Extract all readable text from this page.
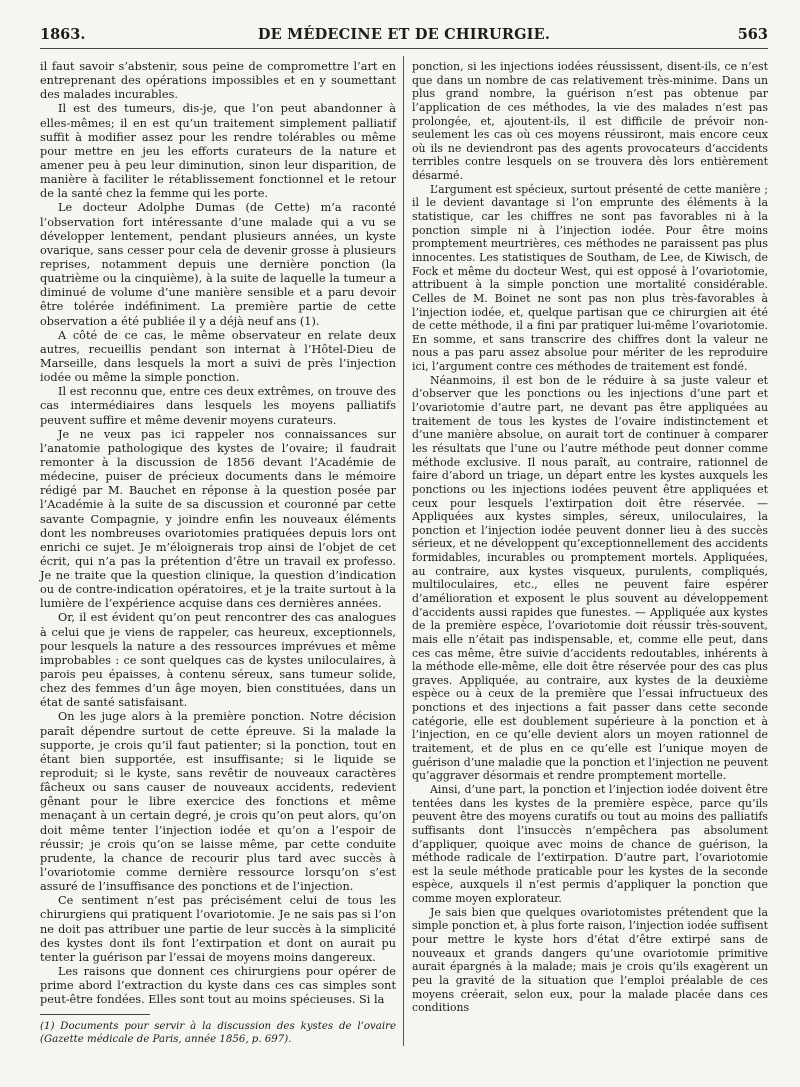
DE MÉDECINE ET DE CHIRURGIE.
1863.	563

il faut savoir s’abstenir, sous peine de compromettre l’art en entreprenant des opérations impossibles et en y soumettant des malades incurables.

Il est des tumeurs, dis-je, que l’on peut abandonner à elles-mêmes; il en est qu’un traitement simplement palliatif suffit à modifier assez pour les rendre tolérables ou même pour mettre en jeu les efforts curateurs de la nature et amener peu à peu leur diminution, sinon leur disparition, de manière à faciliter le rétablissement fonctionnel et le retour de la santé chez la femme qui les porte.

Le docteur Adolphe Dumas (de Cette) m’a raconté l’observation fort intéressante d’une malade qui a vu se développer lentement, pendant plusieurs années, un kyste ovarique, sans cesser pour cela de devenir grosse à plusieurs reprises, notamment depuis une dernière ponction (la quatrième ou la cinquième), à la suite de laquelle la tumeur a diminué de volume d’une manière sensible et a paru devoir être tolérée indéfiniment. La première partie de cette observation a été publiée il y a déjà neuf ans (1).

A côté de ce cas, le même observateur en relate deux autres, recueillis pendant son internat à l’Hôtel-Dieu de Marseille, dans lesquels la mort a suivi de près l’injection iodée ou même la simple ponction.

Il est reconnu que, entre ces deux extrêmes, on trouve des cas intermédiaires dans lesquels les moyens palliatifs peuvent suffire et même devenir moyens curateurs.

Je ne veux pas ici rappeler nos connaissances sur l’anatomie pathologique des kystes de l’ovaire; il faudrait remonter à la discussion de 1856 devant l’Académie de médecine, puiser de précieux documents dans le mémoire rédigé par M. Bauchet en réponse à la question posée par l’Académie à la suite de sa discussion et couronné par cette savante Compagnie, y joindre enfin les nouveaux éléments dont les nombreuses ovariotomies pratiquées depuis lors ont enrichi ce sujet. Je m’éloignerais trop ainsi de l’objet de cet écrit, qui n’a pas la prétention d’être un travail ex professo. Je ne traite que la question clinique, la question d’indication ou de contre-indication opératoires, et je la traite surtout à la lumière de l’expérience acquise dans ces dernières années.

Or, il est évident qu’on peut rencontrer des cas analogues à celui que je viens de rappeler, cas heureux, exceptionnels, pour lesquels la nature a des ressources imprévues et même improbables : ce sont quelques cas de kystes uniloculaires, à parois peu épaisses, à contenu séreux, sans tumeur solide, chez des femmes d’un âge moyen, bien constituées, dans un état de santé satisfaisant.

On les juge alors à la première ponction. Notre décision paraît dépendre surtout de cette épreuve. Si la malade la supporte, je crois qu’il faut patienter; si la ponction, tout en étant bien supportée, est insuffisante; si le liquide se reproduit; si le kyste, sans revêtir de nouveaux caractères fâcheux ou sans causer de nouveaux accidents, redevient gênant pour le libre exercice des fonctions et même menaçant à un certain degré, je crois qu’on peut alors, qu’on doit même tenter l’injection iodée et qu’on a l’espoir de réussir; je crois qu’on se laisse même, par cette conduite prudente, la chance de recourir plus tard avec succès à l’ovariotomie comme dernière ressource lorsqu’on s’est assuré de l’insuffisance des ponctions et de l’injection.

Ce sentiment n’est pas précisément celui de tous les chirurgiens qui pratiquent l’ovariotomie. Je ne sais pas si l’on ne doit pas attribuer une partie de leur succès à la simplicité des kystes dont ils font l’extirpation et dont on aurait pu tenter la guérison par l’essai de moyens moins dangereux.

Les raisons que donnent ces chirurgiens pour opérer de prime abord l’extraction du kyste dans ces cas simples sont peut-être fondées. Elles sont tout au moins spécieuses. Si la

(1) Documents pour servir à la discussion des kystes de l’ovaire (Gazette médicale de Paris, année 1856, p. 697).

ponction, si les injections iodées réussissent, disent-ils, ce n’est que dans un nombre de cas relativement très-minime. Dans un plus grand nombre, la guérison n’est pas obtenue par l’application de ces méthodes, la vie des malades n’est pas prolongée, et, ajoutent-ils, il est difficile de prévoir non-seulement les cas où ces moyens réussiront, mais encore ceux où ils ne deviendront pas des agents provocateurs d’accidents terribles contre lesquels on se trouvera dès lors entièrement désarmé.

L’argument est spécieux, surtout présenté de cette manière ; il le devient davantage si l’on emprunte des éléments à la statistique, car les chiffres ne sont pas favorables ni à la ponction simple ni à l’injection iodée. Pour être moins promptement meurtrières, ces méthodes ne paraissent pas plus innocentes. Les statistiques de Southam, de Lee, de Kiwisch, de Fock et même du docteur West, qui est opposé à l’ovariotomie, attribuent à la simple ponction une mortalité considérable. Celles de M. Boinet ne sont pas non plus très-favorables à l’injection iodée, et, quelque partisan que ce chirurgien ait été de cette méthode, il a fini par pratiquer lui-même l’ovariotomie. En somme, et sans transcrire des chiffres dont la valeur ne nous a pas paru assez absolue pour mériter de les reproduire ici, l’argument contre ces méthodes de traitement est fondé.

Néanmoins, il est bon de le réduire à sa juste valeur et d’observer que les ponctions ou les injections d’une part et l’ovariotomie d’autre part, ne devant pas être appliquées au traitement de tous les kystes de l’ovaire indistinctement et d’une manière absolue, on aurait tort de continuer à comparer les résultats que l’une ou l’autre méthode peut donner comme méthode exclusive. Il nous paraît, au contraire, rationnel de faire d’abord un triage, un départ entre les kystes auxquels les ponctions ou les injections iodées peuvent être appliquées et ceux pour lesquels l’extirpation doit être réservée. — Appliquées aux kystes simples, séreux, uniloculaires, la ponction et l’injection iodée peuvent donner lieu à des succès sérieux, et ne développent qu’exceptionnellement des accidents formidables, incurables ou promptement mortels. Appliquées, au contraire, aux kystes visqueux, purulents, compliqués, multiloculaires, etc., elles ne peuvent faire espérer d’amélioration et exposent le plus souvent au développement d’accidents aussi rapides que funestes. — Appliquée aux kystes de la première espèce, l’ovariotomie doit réussir très-souvent, mais elle n’était pas indispensable, et, comme elle peut, dans ces cas même, être suivie d’accidents redoutables, inhérents à la méthode elle-même, elle doit être réservée pour des cas plus graves. Appliquée, au contraire, aux kystes de la deuxième espèce ou à ceux de la première que l’essai infructueux des ponctions et des injections a fait passer dans cette seconde catégorie, elle est doublement supérieure à la ponction et à l’injection, en ce qu’elle devient alors un moyen rationnel de traitement, et de plus en ce qu’elle est l’unique moyen de guérison d’une maladie que la ponction et l’injection ne peuvent qu’aggraver désormais et rendre promptement mortelle.

Ainsi, d’une part, la ponction et l’injection iodée doivent être tentées dans les kystes de la première espèce, parce qu’ils peuvent être des moyens curatifs ou tout au moins des palliatifs suffisants dont l’insuccès n’empêchera pas absolument d’appliquer, quoique avec moins de chance de guérison, la méthode radicale de l’extirpation. D’autre part, l’ovariotomie est la seule méthode praticable pour les kystes de la seconde espèce, auxquels il n’est permis d’appliquer la ponction que comme moyen explorateur.

Je sais bien que quelques ovariotomistes prétendent que la simple ponction et, à plus forte raison, l’injection iodée suffisent pour mettre le kyste hors d’état d’être extirpé sans de nouveaux et grands dangers qu’une ovariotomie primitive aurait épargnés à la malade; mais je crois qu’ils exagèrent un peu la gravité de la situation que l’emploi préalable de ces moyens créerait, selon eux, pour la malade placée dans ces conditions
